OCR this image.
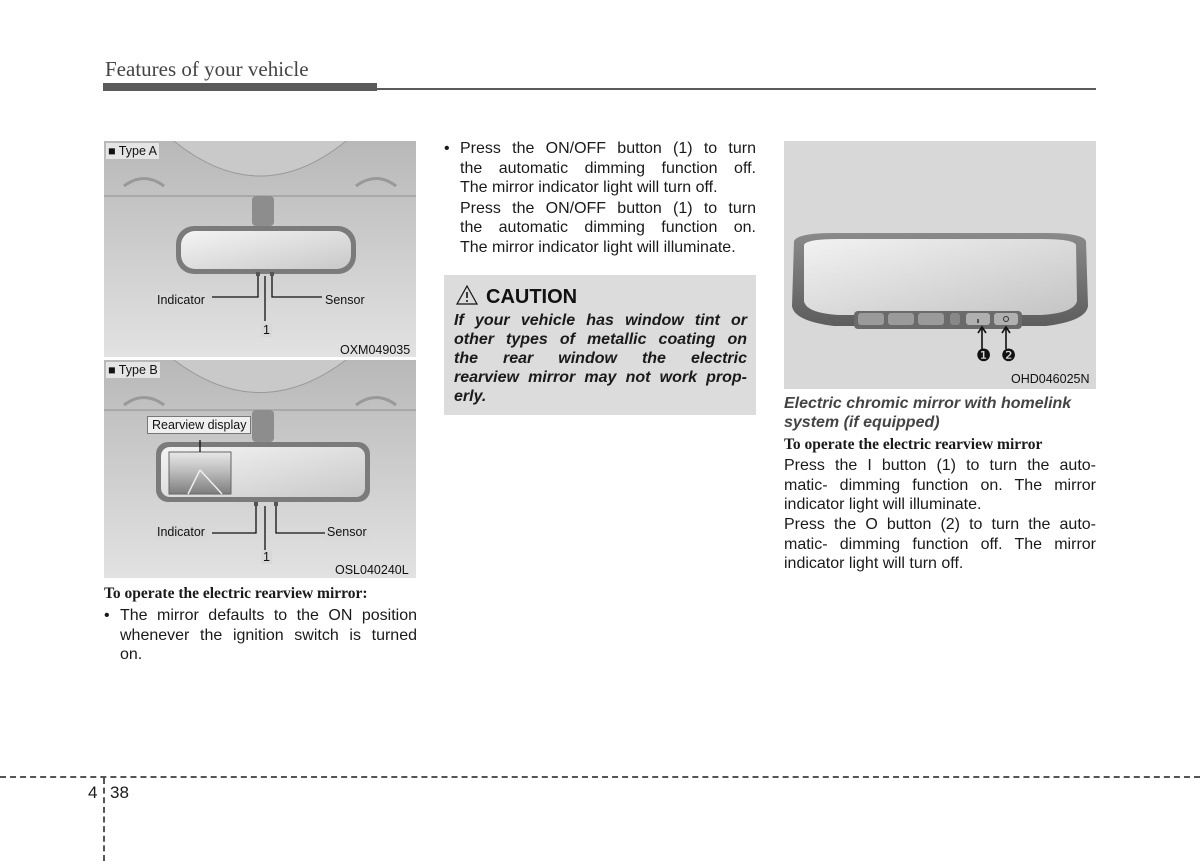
Features of your vehicle
■ Type A
Indicator	Sensor
1
OXM049035
■ Type B
Rearview display
Indicator	Sensor
1
OSL040240L
To operate the electric rearview mirror:
• The mirror defaults to the ON position
whenever the ignition switch is turned
on.
• Press the ON/OFF button (1) to turn
the automatic dimming function off.
The mirror indicator light will turn off.
Press the ON/OFF button (1) to turn
the automatic dimming function on.
The mirror indicator light will illuminate.
CAUTION
If your vehicle has window tint or
other types of metallic coating on
the rear window the electric
rearview mirror may not work prop-
erly.
❶ ❷
OHD046025N
Electric chromic mirror with homelink
system (if equipped)
To operate the electric rearview mirror
Press the I button (1) to turn the auto-
matic- dimming function on. The mirror
indicator light will illuminate.
Press the O button (2) to turn the auto-
matic- dimming function off. The mirror
indicator light will turn off.
4 38
